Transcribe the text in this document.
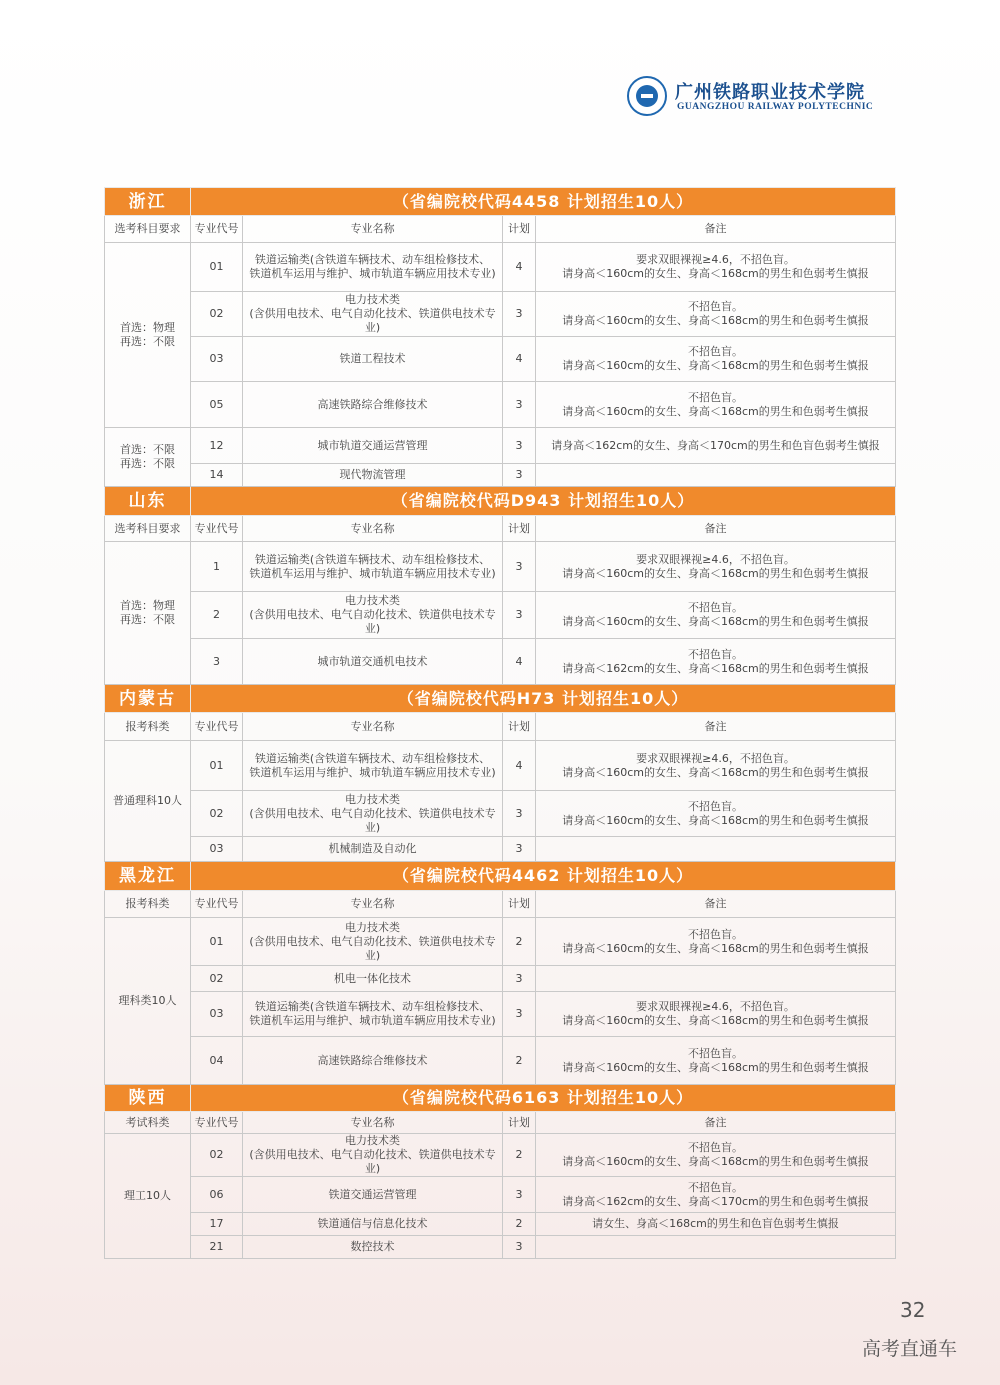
广州铁路职业技术学院
GUANGZHOU RAILWAY POLYTECHNIC
浙江	（省编院校代码4458 计划招生10人）			
选考科目要求	专业代号	专业名称	计划	备注
首选：物理
再选：不限	01	铁道运输类(含铁道车辆技术、动车组检修技术、
铁道机车运用与维护、城市轨道车辆应用技术专业)	4	要求双眼裸视≥4.6，不招色盲。
请身高＜160cm的女生、身高＜168cm的男生和色弱考生慎报
	02	电力技术类
(含供用电技术、电气自动化技术、铁道供电技术专业)	3	不招色盲。
请身高＜160cm的女生、身高＜168cm的男生和色弱考生慎报
	03	铁道工程技术	4	不招色盲。
请身高＜160cm的女生、身高＜168cm的男生和色弱考生慎报
	05	高速铁路综合维修技术	3	不招色盲。
请身高＜160cm的女生、身高＜168cm的男生和色弱考生慎报
首选：不限
再选：不限	12	城市轨道交通运营管理	3	请身高＜162cm的女生、身高＜170cm的男生和色盲色弱考生慎报
	14	现代物流管理	3	
山东	（省编院校代码D943 计划招生10人）			
选考科目要求	专业代号	专业名称	计划	备注
首选：物理
再选：不限	1	铁道运输类(含铁道车辆技术、动车组检修技术、
铁道机车运用与维护、城市轨道车辆应用技术专业)	3	要求双眼裸视≥4.6，不招色盲。
请身高＜160cm的女生、身高＜168cm的男生和色弱考生慎报
	2	电力技术类
(含供用电技术、电气自动化技术、铁道供电技术专业)	3	不招色盲。
请身高＜160cm的女生、身高＜168cm的男生和色弱考生慎报
	3	城市轨道交通机电技术	4	不招色盲。
请身高＜162cm的女生、身高＜168cm的男生和色弱考生慎报
内蒙古	（省编院校代码H73 计划招生10人）			
报考科类	专业代号	专业名称	计划	备注
普通理科10人	01	铁道运输类(含铁道车辆技术、动车组检修技术、
铁道机车运用与维护、城市轨道车辆应用技术专业)	4	要求双眼裸视≥4.6，不招色盲。
请身高＜160cm的女生、身高＜168cm的男生和色弱考生慎报
	02	电力技术类
(含供用电技术、电气自动化技术、铁道供电技术专业)	3	不招色盲。
请身高＜160cm的女生、身高＜168cm的男生和色弱考生慎报
	03	机械制造及自动化	3	
黑龙江	（省编院校代码4462 计划招生10人）			
报考科类	专业代号	专业名称	计划	备注
理科类10人	01	电力技术类
(含供用电技术、电气自动化技术、铁道供电技术专业)	2	不招色盲。
请身高＜160cm的女生、身高＜168cm的男生和色弱考生慎报
	02	机电一体化技术	3	
	03	铁道运输类(含铁道车辆技术、动车组检修技术、
铁道机车运用与维护、城市轨道车辆应用技术专业)	3	要求双眼裸视≥4.6，不招色盲。
请身高＜160cm的女生、身高＜168cm的男生和色弱考生慎报
	04	高速铁路综合维修技术	2	不招色盲。
请身高＜160cm的女生、身高＜168cm的男生和色弱考生慎报
陕西	（省编院校代码6163 计划招生10人）			
考试科类	专业代号	专业名称	计划	备注
理工10人	02	电力技术类
(含供用电技术、电气自动化技术、铁道供电技术专业)	2	不招色盲。
请身高＜160cm的女生、身高＜168cm的男生和色弱考生慎报
	06	铁道交通运营管理	3	不招色盲。
请身高＜162cm的女生、身高＜170cm的男生和色弱考生慎报
	17	铁道通信与信息化技术	2	请女生、身高＜168cm的男生和色盲色弱考生慎报
	21	数控技术	3	
32
高考直通车
